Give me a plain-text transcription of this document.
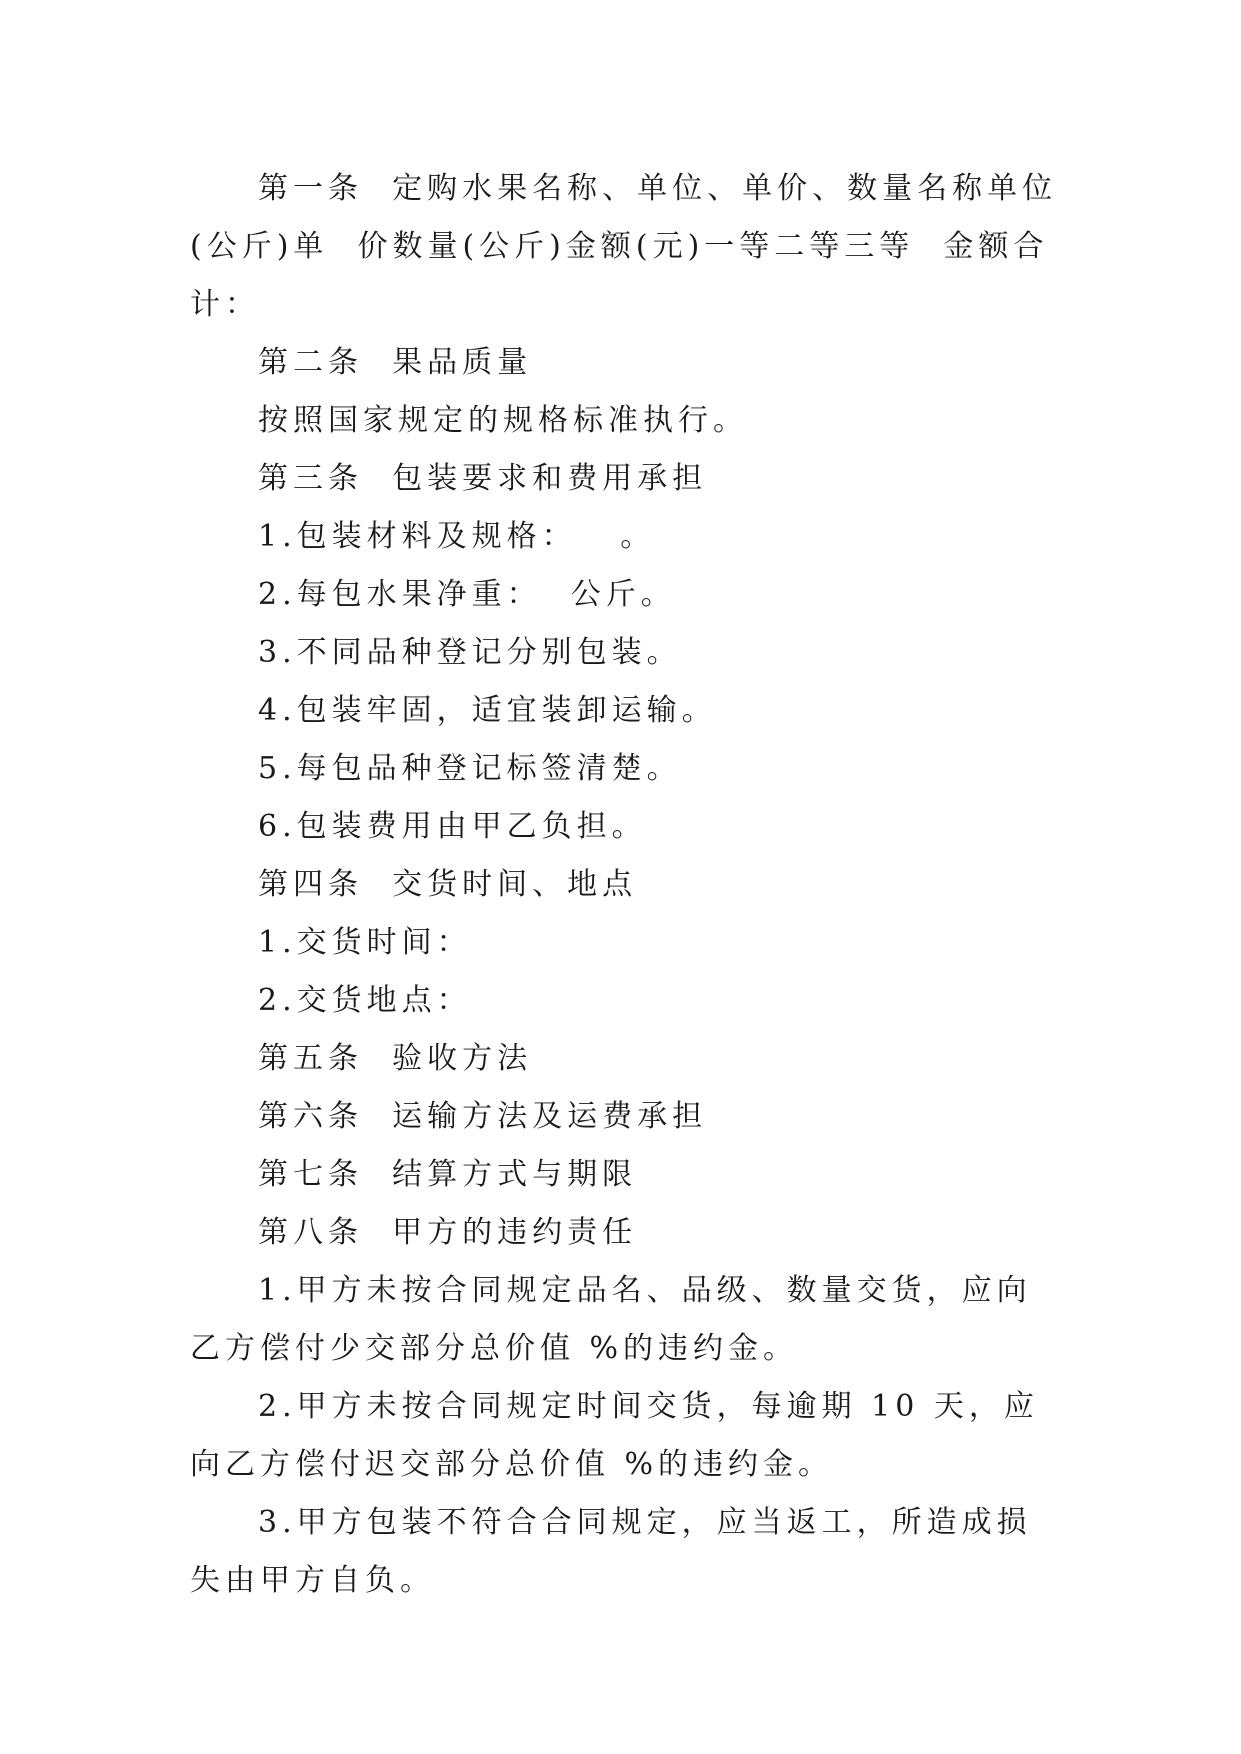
第一条  定购水果名称、单位、单价、数量名称单位(公斤)单  价数量(公斤)金额(元)一等二等三等  金额合计：

第二条  果品质量

按照国家规定的规格标准执行。

第三条  包装要求和费用承担

1.包装材料及规格：   。

2.每包水果净重：  公斤。

3.不同品种登记分别包装。

4.包装牢固，适宜装卸运输。

5.每包品种登记标签清楚。

6.包装费用由甲乙负担。

第四条  交货时间、地点

1.交货时间：

2.交货地点：

第五条  验收方法

第六条  运输方法及运费承担

第七条  结算方式与期限

第八条  甲方的违约责任

1.甲方未按合同规定品名、品级、数量交货，应向乙方偿付少交部分总价值 %的违约金。

2.甲方未按合同规定时间交货，每逾期 10 天，应向乙方偿付迟交部分总价值 %的违约金。

3.甲方包装不符合合同规定，应当返工，所造成损失由甲方自负。
